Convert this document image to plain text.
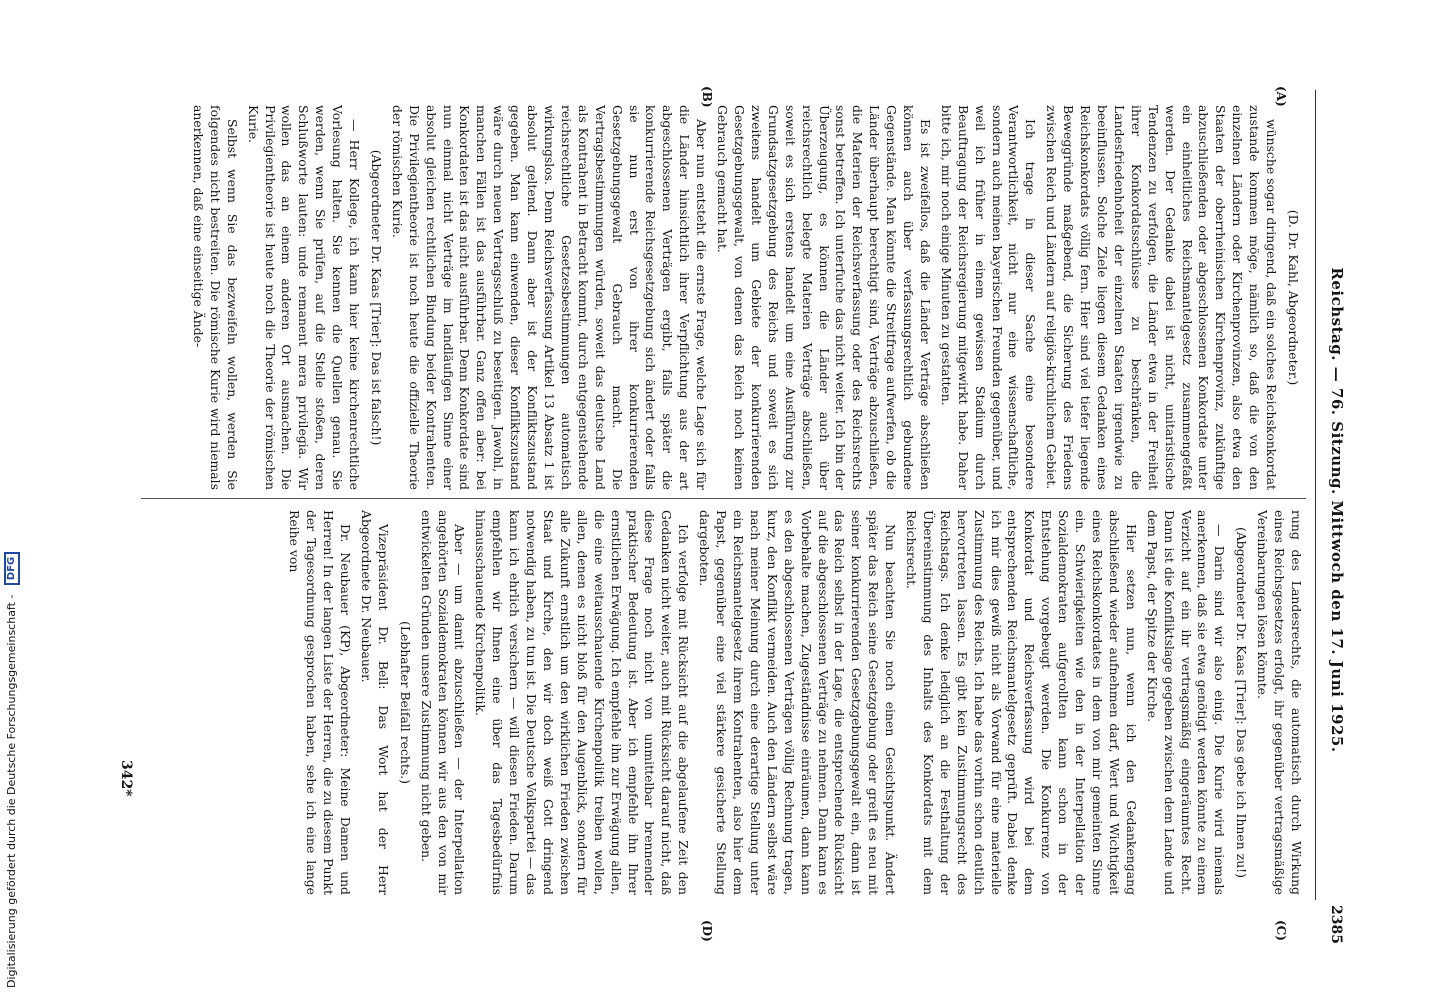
Reichstag. — 76. Sitzung. Mittwoch den 17. Juni 1925.
2385
(A)
(B)
(C)
(D)

(D. Dr. Kahl, Abgeordneter.)

wünsche sogar dringend, daß ein solches Reichskonkordat zustande kommen möge, nämlich so, daß die von den einzelnen Ländern oder Kirchenprovinzen, also etwa den Staaten der oberrheinischen Kirchenprovinz, zukünftige abzuschließenden oder abgeschlossenen Konkordate unter ein einheitliches Reichsmantelgesetz zusammengefaßt werden. Der Gedanke dabei ist nicht, unitaristische Tendenzen zu verfolgen, die Länder etwa in der Freiheit ihrer Konkordatsschlüsse zu beschränken, die Landesfriedenhoheit der einzelnen Staaten irgendwie zu beeinflussen. Solche Ziele liegen diesem Gedanken eines Reichskonkordats völlig fern. Hier sind viel tiefer liegende Beweggründe maßgebend, die Sicherung des Friedens zwischen Reich und Ländern auf religiös-kirchlichem Gebiet.

Ich trage in dieser Sache eine besondere Verantwortlichkeit, nicht nur eine wissenschaftliche, sondern auch meinen bayerischen Freunden gegenüber, und weil ich früher in einem gewissen Stadium durch Beauftragung der Reichsregierung mitgewirkt habe. Daher bitte ich, mir noch einige Minuten zu gestatten.

Es ist zweifellos, daß die Länder Verträge abschließen können auch über verfassungsrechtlich gebundene Gegenstände. Man könnte die Streitfrage aufwerfen, ob die Länder überhaupt berechtigt sind, Verträge abzuschließen, die Materien der Reichsverfassung oder des Reichsrechts sonst betreffen. Ich unterfuche das nicht weiter. Ich bin der Überzeugung, es können die Länder auch über reichsrechtlich belegte Materien Verträge abschließen, soweit es sich erstens handelt um eine Ausführung zur Grundsatzgesetzgebung des Reichs und soweit es sich zweitens handelt um Gebiete der konkurrierenden Gesetzgebungsgewalt, von denen das Reich noch keinen Gebrauch gemacht hat.

Aber nun entsteht die ernste Frage, welche Lage sich für die Länder hinsichtlich ihrer Verpflichtung aus der art abgeschlossenen Verträgen ergibt, falls später die konkurrierende Reichsgesetzgebung sich ändert oder falls sie nun erst von ihrer konkurrierenden Gesetzgebungsgewalt Gebrauch macht. Die Vertragsbestimmungen würden, soweit das deutsche Land als Kontrahent in Betracht kommt, durch entgegenstehende reichsrechtliche Gesetzesbestimmungen automatisch wirkungslos. Denn Reichsverfassung Artikel 13 Absatz 1 ist absolut geltend. Dann aber ist der Konfliktszustand gegeben. Man kann einwenden, dieser Konfliktszustand wäre durch neuen Vertragsschluß zu beseitigen. Jawohl, in manchen Fällen ist das ausführbar. Ganz offen aber: bei Konkordaten ist das nicht ausführbar. Denn Konkordate sind nun einmal nicht Verträge im landläufigen Sinne einer absolut gleichen rechtlichen Bindung beider Kontrahenten. Die Privilegientheorie ist noch heute die offizielle Theorie der römischen Kurie.

(Abgeordneter Dr. Kaas [Trier]: Das ist falsch!)

— Herr Kollege, ich kann hier keine kirchenrechtliche Vorlesung halten. Sie kennen die Quellen genau. Sie werden, wenn Sie prüfen, auf die Stelle stoßen, deren Schlußworte lauten: unde remanent mera privilegia. Wir wollen das an einem anderen Ort ausmachen. Die Privilegientheorie ist heute noch die Theorie der römischen Kurie.

Selbst wenn Sie das bezweifeln wollen, werden Sie folgendes nicht bestreiten. Die römische Kurie wird niemals anerkennen, daß eine einseitige Ände-

rung des Landesrechts, die automatisch durch Wirkung eines Reichsgesetzes erfolgt, ihr gegenüber vertragsmäßige Vereinbarungen lösen könnte.

(Abgeordneter Dr. Kaas [Trier]: Das gebe ich Ihnen zu!)

— Darin sind wir also einig. Die Kurie wird niemals anerkennen, daß sie etwa genötigt werden könnte zu einem Verzicht auf ein ihr vertragsmäßig eingeräumtes Recht. Dann ist die Konfliktslage gegeben zwischen dem Lande und dem Papst, der Spitze der Kirche.

Hier setzen nun, wenn ich den Gedankengang abschließend wieder aufnehmen darf, Wert und Wichtigkeit eines Reichskonkordates in dem von mir gemeinten Sinne ein. Schwierigkeiten wie den in der Interpellation der Sozialdemokraten aufgerollten kann schon in der Entstehung vorgebeugt werden. Die Konkurrenz von Konkordat und Reichsverfassung wird bei dem entsprechenden Reichsmantelgesetz geprüft. Dabei denke ich mir dies gewiß nicht als Vorwand für eine materielle Zustimmung des Reichs. Ich habe das vorhin schon deutlich hervortreten lassen. Es gibt kein Zustimmungsrecht des Reichstags. Ich denke lediglich an die Festhaltung der Übereinstimmung des Inhalts des Konkordats mit dem Reichsrecht.

Nun beachten Sie noch einen Gesichtspunkt. Ändert später das Reich seine Gesetzgebung oder greift es neu mit seiner konkurrierenden Gesetzgebungsgewalt ein, dann ist das Reich selbst in der Lage, die entsprechende Rücksicht auf die abgeschlossenen Verträge zu nehmen. Dann kann es Vorbehalte machen, Zugeständnisse einräumen, dann kann es den abgeschlossenen Verträgen völlig Rechnung tragen, kurz, den Konflikt vermeiden. Auch den Ländern selbst wäre nach meiner Meinung durch eine derartige Stellung unter ein Reichsmantelgesetz ihrem Kontrahenten, also hier dem Papst, gegenüber eine viel stärkere gesicherte Stellung dargeboten.

Ich verfolge mit Rücksicht auf die abgelaufene Zeit den Gedanken nicht weiter, auch mit Rücksicht darauf nicht, daß diese Frage noch nicht von unmittelbar brennender praktischer Bedeutung ist. Aber ich empfehle ihn Ihrer ernstlichen Erwägung. Ich empfehle ihn zur Erwägung allen, die eine weitausschauende Kirchenpolitik treiben wollen, allen, denen es nicht bloß für den Augenblick, sondern für alle Zukunft ernstlich um den wirklichen Frieden zwischen Staat und Kirche, den wir doch weiß Gott dringend notwendig haben, zu tun ist. Die Deutsche Volkspartei — das kann ich ehrlich versichern — will diesen Frieden. Darum empfehlen wir Ihnen eine über das Tagesbedürfnis hinausschauende Kirchenpolitik.

Aber — um damit abzuschließen — der Interpellation angehörten Sozialdemokraten können wir aus den von mir entwickelten Gründen unsere Zustimmung nicht geben.

(Lebhafter Beifall rechts.)

Vizepräsident Dr. Bell: Das Wort hat der Herr Abgeordnete Dr. Neubauer.

Dr. Neubauer (KP), Abgeordneter: Meine Damen und Herren! In der langen Liste der Herren, die zu diesem Punkt der Tagesordnung gesprochen haben, sehe ich eine lange Reihe von

342*
Digitalisierung gefördert durch die Deutsche Forschungsgemeinschaft - DFG
